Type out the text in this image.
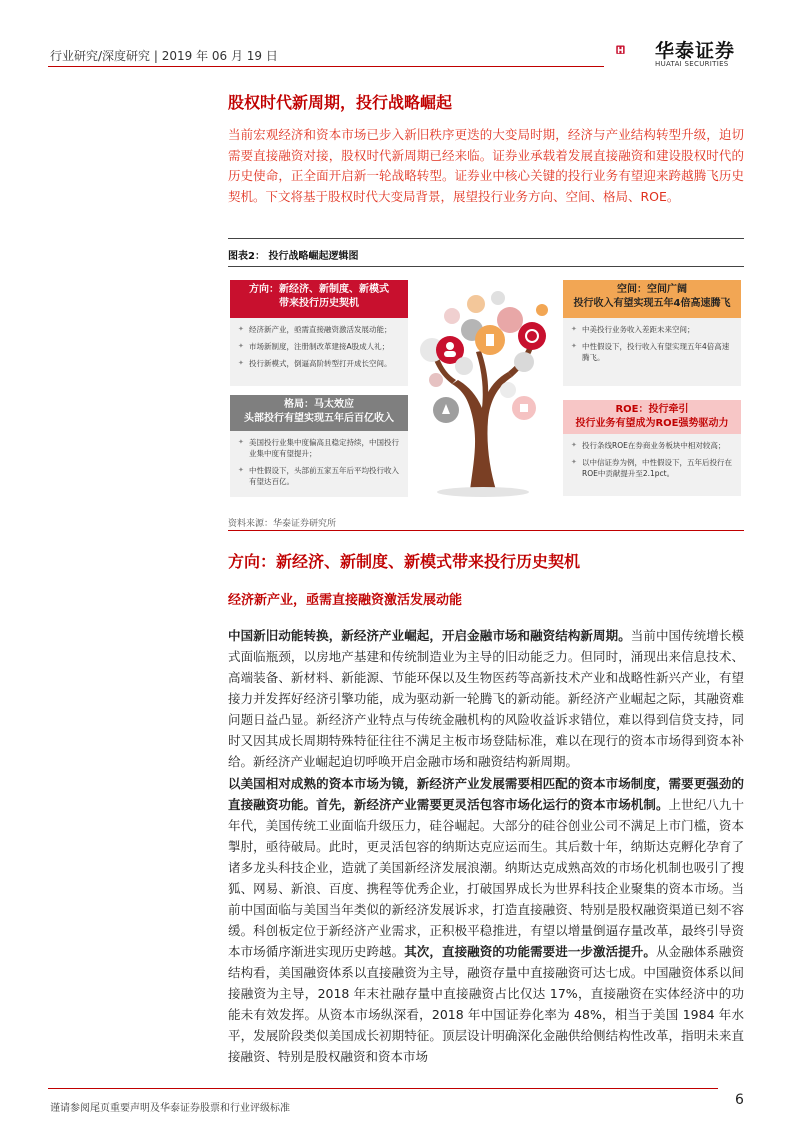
行业研究/深度研究 | 2019 年 06 月 19 日	华泰证券
HUATAI SECURITIES
股权时代新周期，投行战略崛起
当前宏观经济和资本市场已步入新旧秩序更迭的大变局时期，经济与产业结构转型升级，迫切需要直接融资对接，股权时代新周期已经来临。证券业承载着发展直接融资和建设股权时代的历史使命，正全面开启新一轮战略转型。证券业中核心关键的投行业务有望迎来跨越腾飞历史契机。下文将基于股权时代大变局背景，展望投行业务方向、空间、格局、ROE。
图表2： 投行战略崛起逻辑图
方向：新经济、新制度、新模式
带来投行历史契机
✦ 经济新产业，亟需直接融资激活发展动能；
✦ 市场新制度，注册制改革建接A股成人礼；
✦ 投行新模式，倒逼高阶转型打开成长空间。
格局：马太效应
头部投行有望实现五年后百亿收入
✦ 美国投行业集中度偏高且稳定持续，中国投行业集中度有望提升；
✦ 中性假设下，头部前五家五年后平均投行收入有望达百亿。
空间：空间广阔
投行收入有望实现五年4倍高速腾飞
✦ 中美投行业务收入差距未来空间；
✦ 中性假设下，投行收入有望实现五年4倍高速腾飞。
ROE：投行牵引
投行业务有望成为ROE强势驱动力
✦ 投行条线ROE在券商业务板块中相对较高；
✦ 以中信证券为例，中性假设下，五年后投行在ROE中贡献提升至2.1pct。
资料来源：华泰证券研究所
方向：新经济、新制度、新模式带来投行历史契机
经济新产业，亟需直接融资激活发展动能
中国新旧动能转换，新经济产业崛起，开启金融市场和融资结构新周期。当前中国传统增长模式面临瓶颈，以房地产基建和传统制造业为主导的旧动能乏力。但同时，涌现出来信息技术、高端装备、新材料、新能源、节能环保以及生物医药等高新技术产业和战略性新兴产业，有望接力并发挥好经济引擎功能，成为驱动新一轮腾飞的新动能。新经济产业崛起之际，其融资难问题日益凸显。新经济产业特点与传统金融机构的风险收益诉求错位，难以得到信贷支持，同时又因其成长周期特殊特征往往不满足主板市场登陆标准，难以在现行的资本市场得到资本补给。新经济产业崛起迫切呼唤开启金融市场和融资结构新周期。
以美国相对成熟的资本市场为镜，新经济产业发展需要相匹配的资本市场制度，需要更强劲的直接融资功能。首先，新经济产业需要更灵活包容市场化运行的资本市场机制。上世纪八九十年代，美国传统工业面临升级压力，硅谷崛起。大部分的硅谷创业公司不满足上市门槛，资本掣肘，亟待破局。此时，更灵活包容的纳斯达克应运而生。其后数十年，纳斯达克孵化孕育了诸多龙头科技企业，造就了美国新经济发展浪潮。纳斯达克成熟高效的市场化机制也吸引了搜狐、网易、新浪、百度、携程等优秀企业，打破国界成长为世界科技企业聚集的资本市场。当前中国面临与美国当年类似的新经济发展诉求，打造直接融资、特别是股权融资渠道已刻不容缓。科创板定位于新经济产业需求，正积极平稳推进，有望以增量倒逼存量改革，最终引导资本市场循序渐进实现历史跨越。其次，直接融资的功能需要进一步激活提升。从金融体系融资结构看，美国融资体系以直接融资为主导，融资存量中直接融资可达七成。中国融资体系以间接融资为主导，2018 年末社融存量中直接融资占比仅达 17%，直接融资在实体经济中的功能未有效发挥。从资本市场纵深看，2018 年中国证券化率为 48%，相当于美国 1984 年水平，发展阶段类似美国成长初期特征。顶层设计明确深化金融供给侧结构性改革，指明未来直接融资、特别是股权融资和资本市场
谨请参阅尾页重要声明及华泰证券股票和行业评级标准
6
